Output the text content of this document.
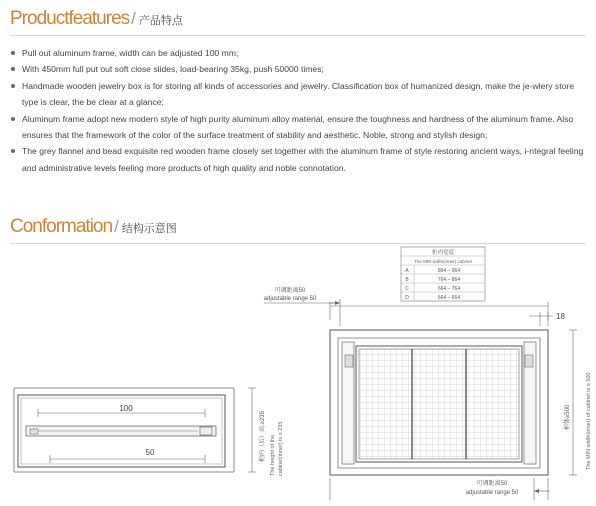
Productfeatures / 产品特点
Pull out aluminum frame, width can be adjusted 100 mm;
With 450mm full put out soft close slides, load-bearing 35kg, push 50000 times;
Handmade wooden jewelry box is for storing all kinds of accessories and jewelry. Classification box of humanized design, make the je-wlery store type is clear, the be clear at a glance;
Aluminum frame adopt new modern style of high purity aluminum alloy material, ensure the toughness and hardness of the aluminum frame. Also ensures that the framework of the color of the surface treatment of stability and aesthetic. Noble, strong and stylish design;
The grey flannel and bead exquisite red wooden frame closely set together with the aluminum frame of style restoring ancient ways, i-ntegral feeling and administrative levels feeling more products of high quality and noble connotation.
Conformation / 结构示意图
100
50	柜内（后）高 ≥235 The height of the cabinet(inner) is ≥ 235
柜内宽度
The MIN width(inner) cabinet
A	864 – 964
B	764 – 864
C	664 – 764
D	564 – 664
可调距离50
adjustable range 50
18
柜体≥500	The MIN width(inner) of cabinet is ≥ 500
可调距离50
adjustable range 50
